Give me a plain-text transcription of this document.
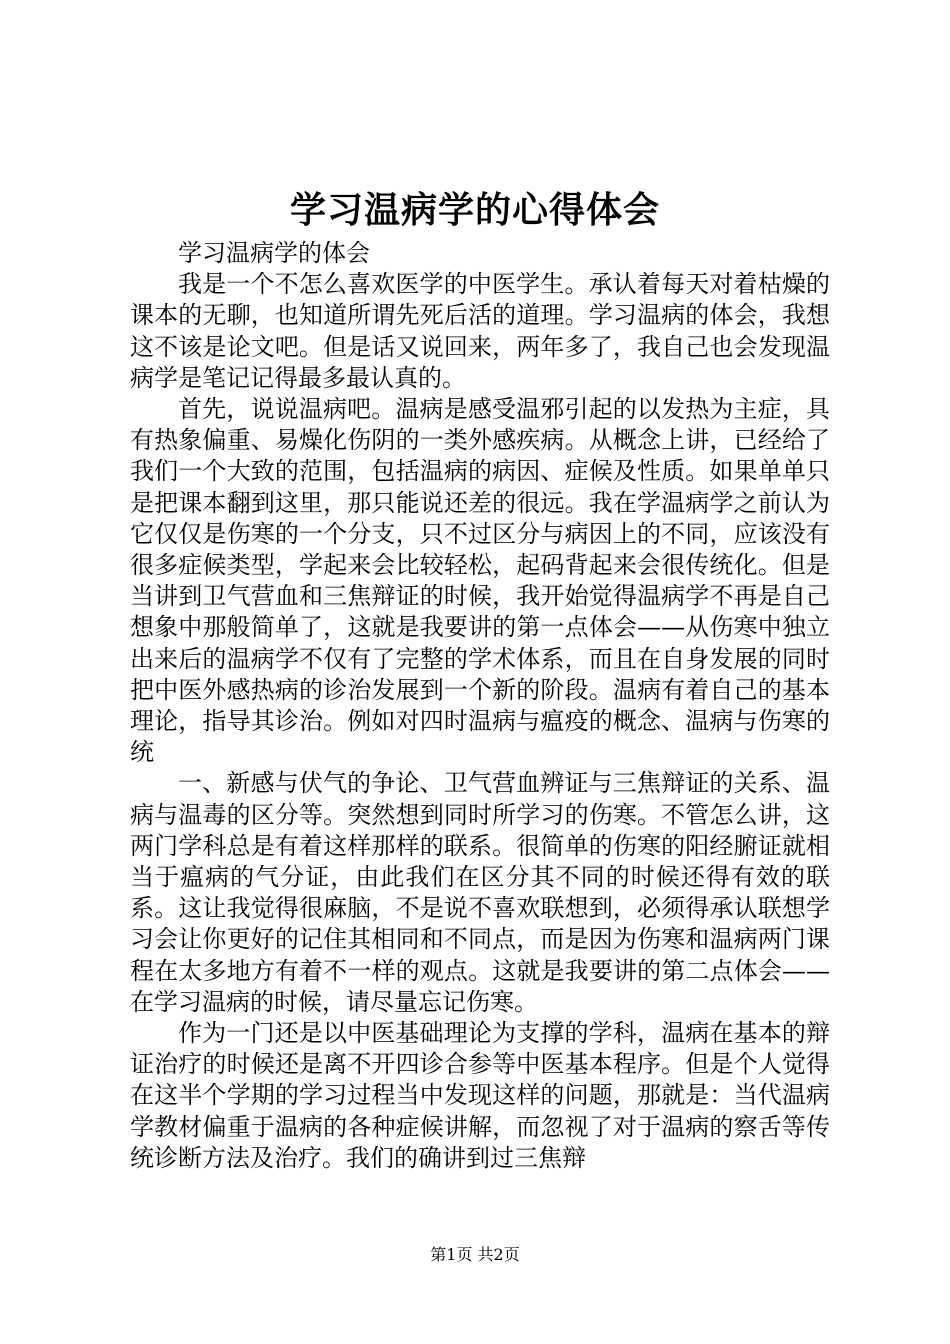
学习温病学的心得体会

学习温病学的体会

我是一个不怎么喜欢医学的中医学生。承认着每天对着枯燥的课本的无聊，也知道所谓先死后活的道理。学习温病的体会，我想这不该是论文吧。但是话又说回来，两年多了，我自己也会发现温病学是笔记记得最多最认真的。

首先，说说温病吧。温病是感受温邪引起的以发热为主症，具有热象偏重、易燥化伤阴的一类外感疾病。从概念上讲，已经给了我们一个大致的范围，包括温病的病因、症候及性质。如果单单只是把课本翻到这里，那只能说还差的很远。我在学温病学之前认为它仅仅是伤寒的一个分支，只不过区分与病因上的不同，应该没有很多症候类型，学起来会比较轻松，起码背起来会很传统化。但是当讲到卫气营血和三焦辩证的时候，我开始觉得温病学不再是自己想象中那般简单了，这就是我要讲的第一点体会——从伤寒中独立出来后的温病学不仅有了完整的学术体系，而且在自身发展的同时把中医外感热病的诊治发展到一个新的阶段。温病有着自己的基本理论，指导其诊治。例如对四时温病与瘟疫的概念、温病与伤寒的统

一、新感与伏气的争论、卫气营血辨证与三焦辩证的关系、温病与温毒的区分等。突然想到同时所学习的伤寒。不管怎么讲，这两门学科总是有着这样那样的联系。很简单的伤寒的阳经腑证就相当于瘟病的气分证，由此我们在区分其不同的时候还得有效的联系。这让我觉得很麻脑，不是说不喜欢联想到，必须得承认联想学习会让你更好的记住其相同和不同点，而是因为伤寒和温病两门课程在太多地方有着不一样的观点。这就是我要讲的第二点体会——在学习温病的时候，请尽量忘记伤寒。

作为一门还是以中医基础理论为支撑的学科，温病在基本的辩证治疗的时候还是离不开四诊合参等中医基本程序。但是个人觉得在这半个学期的学习过程当中发现这样的问题，那就是：当代温病学教材偏重于温病的各种症候讲解，而忽视了对于温病的察舌等传统诊断方法及治疗。我们的确讲到过三焦辩

第1页 共2页
